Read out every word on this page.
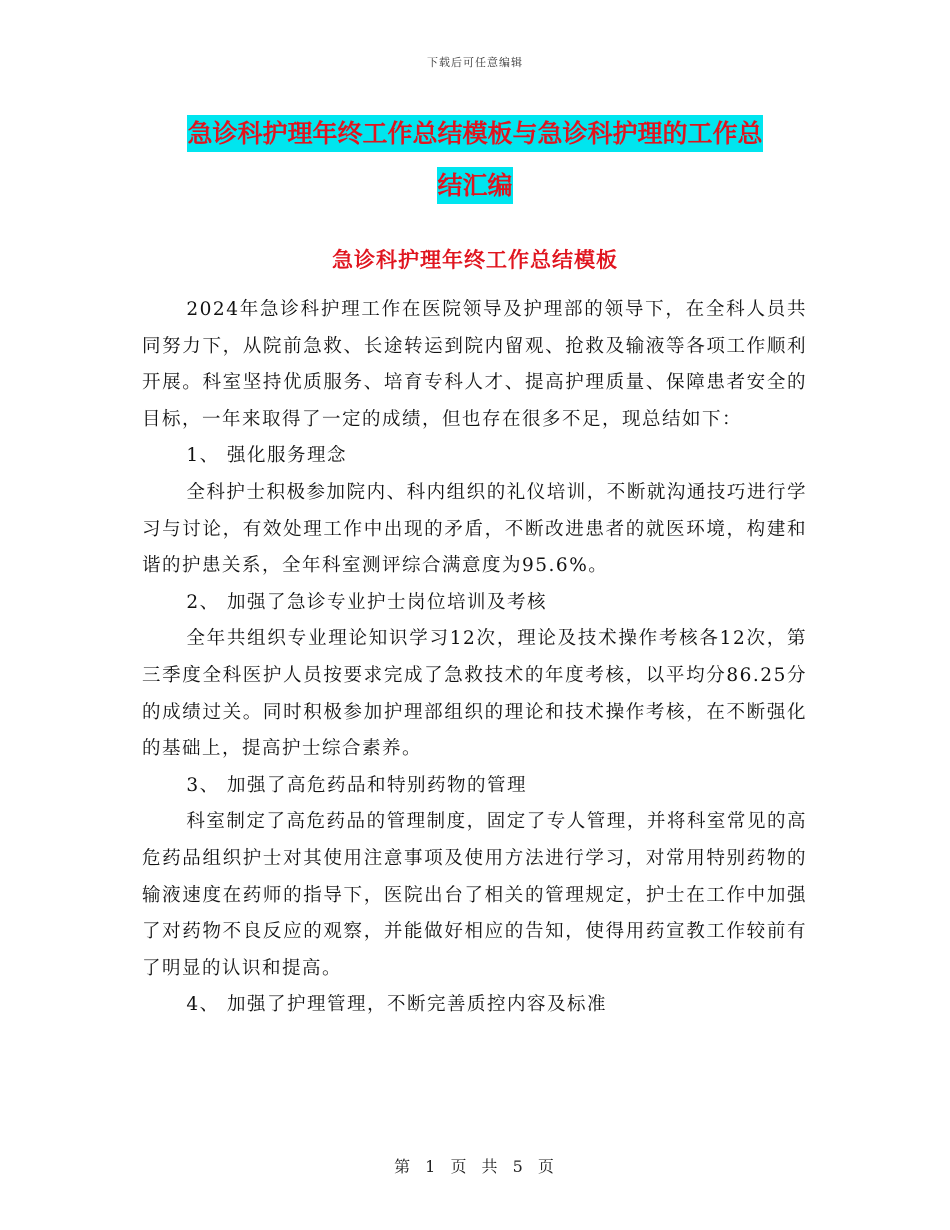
下载后可任意编辑
急诊科护理年终工作总结模板与急诊科护理的工作总
结汇编
急诊科护理年终工作总结模板

2024年急诊科护理工作在医院领导及护理部的领导下，在全科人员共同努力下，从院前急救、长途转运到院内留观、抢救及输液等各项工作顺利开展。科室坚持优质服务、培育专科人才、提高护理质量、保障患者安全的目标，一年来取得了一定的成绩，但也存在很多不足，现总结如下：

1、 强化服务理念

全科护士积极参加院内、科内组织的礼仪培训，不断就沟通技巧进行学习与讨论，有效处理工作中出现的矛盾，不断改进患者的就医环境，构建和谐的护患关系，全年科室测评综合满意度为95.6%。

2、 加强了急诊专业护士岗位培训及考核

全年共组织专业理论知识学习12次，理论及技术操作考核各12次，第三季度全科医护人员按要求完成了急救技术的年度考核，以平均分86.25分的成绩过关。同时积极参加护理部组织的理论和技术操作考核，在不断强化的基础上，提高护士综合素养。

3、 加强了高危药品和特别药物的管理

科室制定了高危药品的管理制度，固定了专人管理，并将科室常见的高危药品组织护士对其使用注意事项及使用方法进行学习，对常用特别药物的输液速度在药师的指导下，医院出台了相关的管理规定，护士在工作中加强了对药物不良反应的观察，并能做好相应的告知，使得用药宣教工作较前有了明显的认识和提高。

4、 加强了护理管理，不断完善质控内容及标准

第 1 页 共 5 页
